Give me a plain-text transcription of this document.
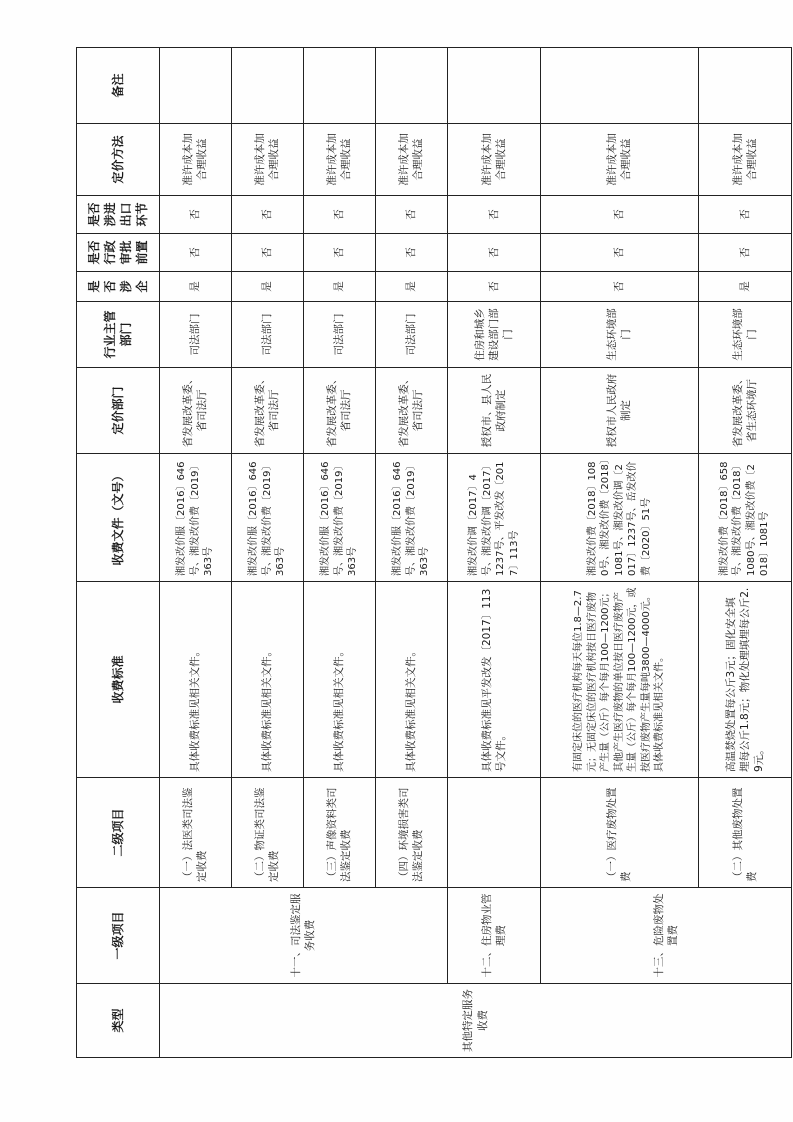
类型	一级项目	二级项目	收费标准	收费文件（文号）	定价部门	行业主管部门	是否涉企	是否行政审批前置	是否涉进出口环节	定价方法	备注
其他特定服务收费	十一、司法鉴定服务收费	（一）法医类司法鉴定收费	具体收费标准见相关文件。	湘发改价服〔2016〕646号、湘发改价费〔2019〕363号	省发展改革委、省司法厅	司法部门	是	否	否	准许成本加合理收益	
		（二）物证类司法鉴定收费	具体收费标准见相关文件。	湘发改价服〔2016〕646号、湘发改价费〔2019〕363号	省发展改革委、省司法厅	司法部门	是	否	否	准许成本加合理收益	
		（三）声像资料类司法鉴定收费	具体收费标准见相关文件。	湘发改价服〔2016〕646号、湘发改价费〔2019〕363号	省发展改革委、省司法厅	司法部门	是	否	否	准许成本加合理收益	
		（四）环境损害类司法鉴定收费	具体收费标准见相关文件。	湘发改价服〔2016〕646号、湘发改价费〔2019〕363号	省发展改革委、省司法厅	司法部门	是	否	否	准许成本加合理收益	
	十二、住房物业管理费		具体收费标准见平发改发〔2017〕113号文件。	湘发改价调〔2017〕4号、湘发改价调〔2017〕1237号、平发改发〔2017〕113号	授权市、县人民政府制定	住房和城乡建设部门部门	否	否	否	准许成本加合理收益	
	十三、危险废物处置费	（一）医疗废物处置费	有固定床位的医疗机构每天每位1.8—2.7元；无固定床位的医疗机构按日医疗废物产生量（公斤）每个每月100—1200元；其他产生医疗废物的单位按日医疗废物产生量（公斤）每个每月100—1200元，或按医疗废物产生量每吨3800—4000元。具体收费标准见相关文件。	湘发改价费〔2018〕1080号、湘发改价费〔2018〕1081号、湘发改价调〔2017〕1237号、岳发改价费〔2020〕51号	授权市人民政府制定	生态环境部门	否	否	否	准许成本加合理收益	
		（二）其他废物处置费	高温焚烧处置每公斤3元；固化安全填埋每公斤1.8元；物化处理填埋每公斤2.9元。	湘发改价费〔2018〕658号、湘发改价费〔2018〕1080号、湘发改价费〔2018〕1081号	省发展改革委、省生态环境厅	生态环境部门	是	否	否	准许成本加合理收益	
